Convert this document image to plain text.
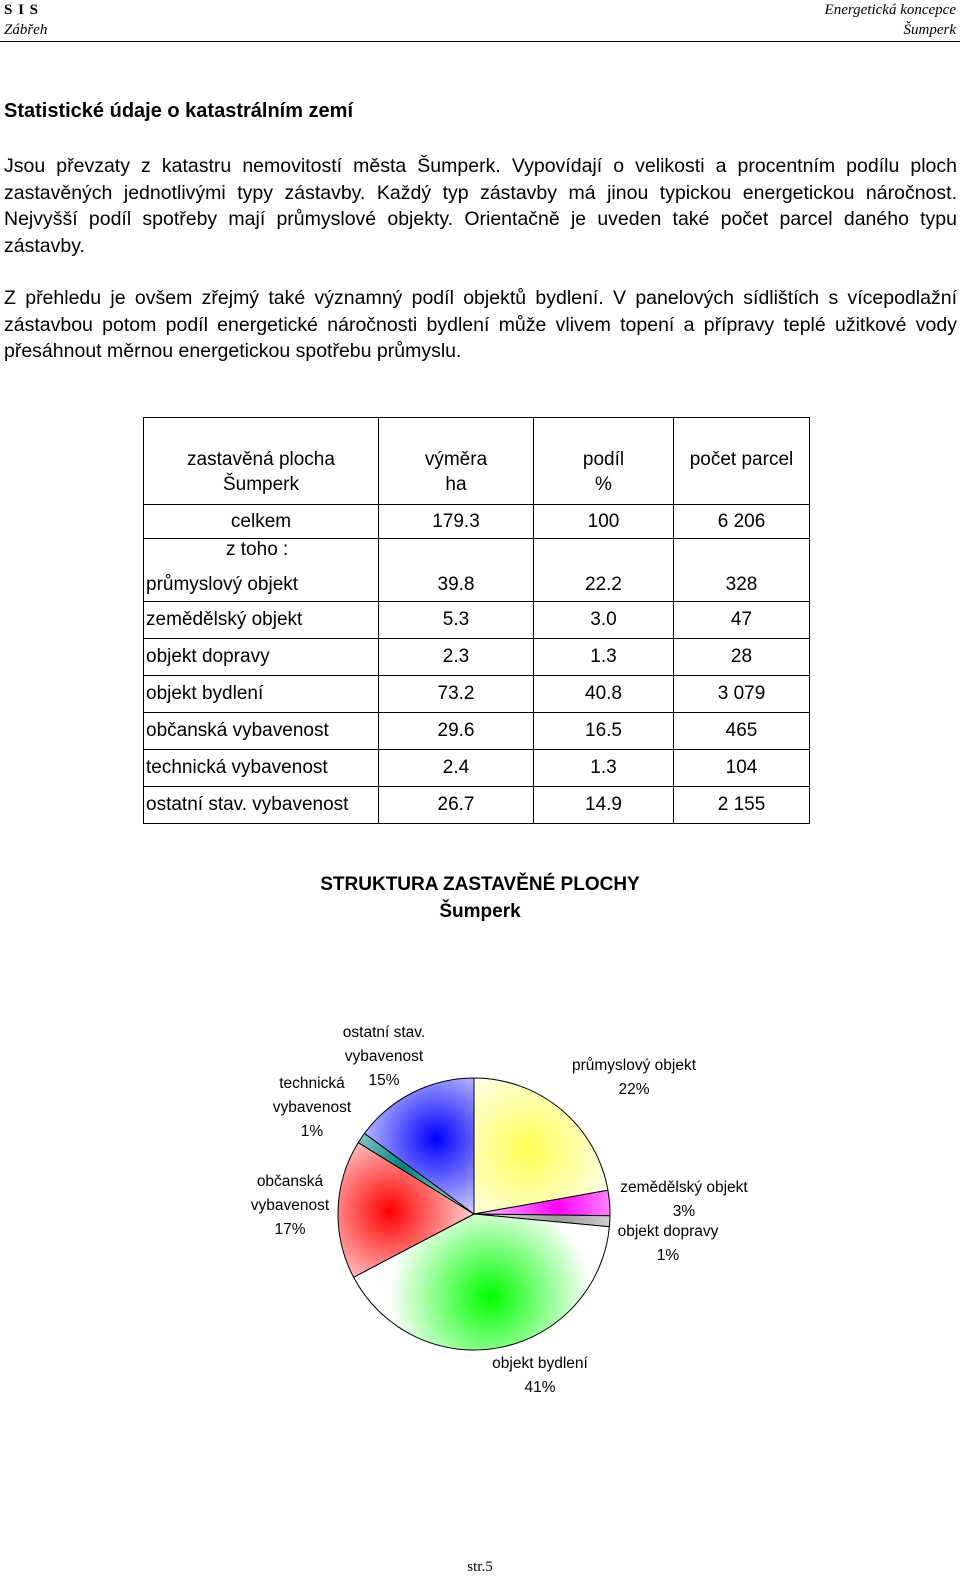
S I S
Zábřeh
Energetická koncepce
Šumperk
Statistické údaje o katastrálním zemí
Jsou převzaty z katastru nemovitostí města Šumperk. Vypovídají o velikosti a procentním podílu ploch zastavěných jednotlivými typy zástavby. Každý typ zástavby má jinou typickou energetickou náročnost. Nejvyšší podíl spotřeby mají průmyslové objekty. Orientačně je uveden také počet parcel daného typu zástavby.
Z přehledu je ovšem zřejmý také významný podíl objektů bydlení. V panelových sídlištích s vícepodlažní zástavbou potom podíl energetické náročnosti bydlení může vlivem topení a přípravy teplé užitkové vody přesáhnout měrnou energetickou spotřebu průmyslu.
zastavěná plocha	výměra	podíl	počet parcel
Šumperk	ha	%	
celkem	179.3	100	6 206
z toho :			
průmyslový objekt	39.8	22.2	328
zemědělský objekt	5.3	3.0	47
objekt dopravy	2.3	1.3	28
objekt bydlení	73.2	40.8	3 079
občanská vybavenost	29.6	16.5	465
technická vybavenost	2.4	1.3	104
ostatní stav. vybavenost	26.7	14.9	2 155
STRUKTURA ZASTAVĚNÉ PLOCHY
Šumperk
průmyslový objekt 22%
zemědělský objekt 3%
objekt dopravy 1%
objekt bydlení 41%
občanská vybavenost 17%
technická vybavenost 1%
ostatní stav. vybavenost 15%
str.5
